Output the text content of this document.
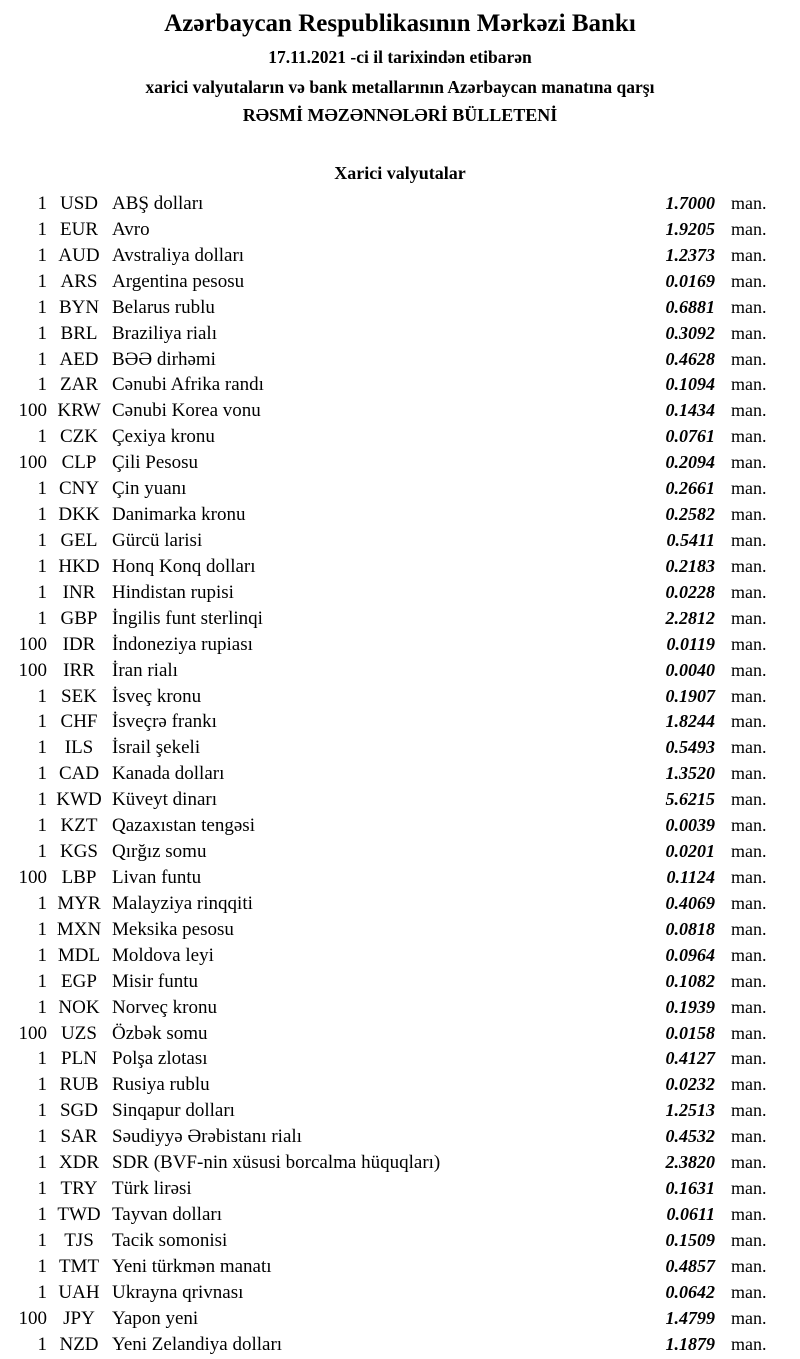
Azərbaycan Respublikasının Mərkəzi Bankı
17.11.2021 -ci il tarixindən etibarən
xarici valyutaların və bank metallarının Azərbaycan manatına qarşı
RƏSMİ MƏZƏNNƏLƏRİ BÜLLETENİ
Xarici valyutalar
1 USD ABŞ dolları	1.7000 man.
1 EUR Avro	1.9205 man.
1 AUD Avstraliya dolları	1.2373 man.
1 ARS Argentina pesosu	0.0169 man.
1 BYN Belarus rublu	0.6881 man.
1 BRL Braziliya rialı	0.3092 man.
1 AED BƏƏ dirhəmi	0.4628 man.
1 ZAR Cənubi Afrika randı	0.1094 man.
100 KRW Cənubi Korea vonu	0.1434 man.
1 CZK Çexiya kronu	0.0761 man.
100 CLP Çili Pesosu	0.2094 man.
1 CNY Çin yuanı	0.2661 man.
1 DKK Danimarka kronu	0.2582 man.
1 GEL Gürcü larisi	0.5411 man.
1 HKD Honq Konq dolları	0.2183 man.
1 INR Hindistan rupisi	0.0228 man.
1 GBP İngilis funt sterlinqi	2.2812 man.
100 IDR İndoneziya rupiası	0.0119 man.
100 IRR İran rialı	0.0040 man.
1 SEK İsveç kronu	0.1907 man.
1 CHF İsveçrə frankı	1.8244 man.
1 ILS İsrail şekeli	0.5493 man.
1 CAD Kanada dolları	1.3520 man.
1 KWD Küveyt dinarı	5.6215 man.
1 KZT Qazaxıstan tengəsi	0.0039 man.
1 KGS Qırğız somu	0.0201 man.
100 LBP Livan funtu	0.1124 man.
1 MYR Malayziya rinqqiti	0.4069 man.
1 MXN Meksika pesosu	0.0818 man.
1 MDL Moldova leyi	0.0964 man.
1 EGP Misir funtu	0.1082 man.
1 NOK Norveç kronu	0.1939 man.
100 UZS Özbək somu	0.0158 man.
1 PLN Polşa zlotası	0.4127 man.
1 RUB Rusiya rublu	0.0232 man.
1 SGD Sinqapur dolları	1.2513 man.
1 SAR Səudiyyə Ərəbistanı rialı	0.4532 man.
1 XDR SDR (BVF-nin xüsusi borcalma hüquqları)	2.3820 man.
1 TRY Türk lirəsi	0.1631 man.
1 TWD Tayvan dolları	0.0611 man.
1 TJS Tacik somonisi	0.1509 man.
1 TMT Yeni türkmən manatı	0.4857 man.
1 UAH Ukrayna qrivnası	0.0642 man.
100 JPY Yapon yeni	1.4799 man.
1 NZD Yeni Zelandiya dolları	1.1879 man.
